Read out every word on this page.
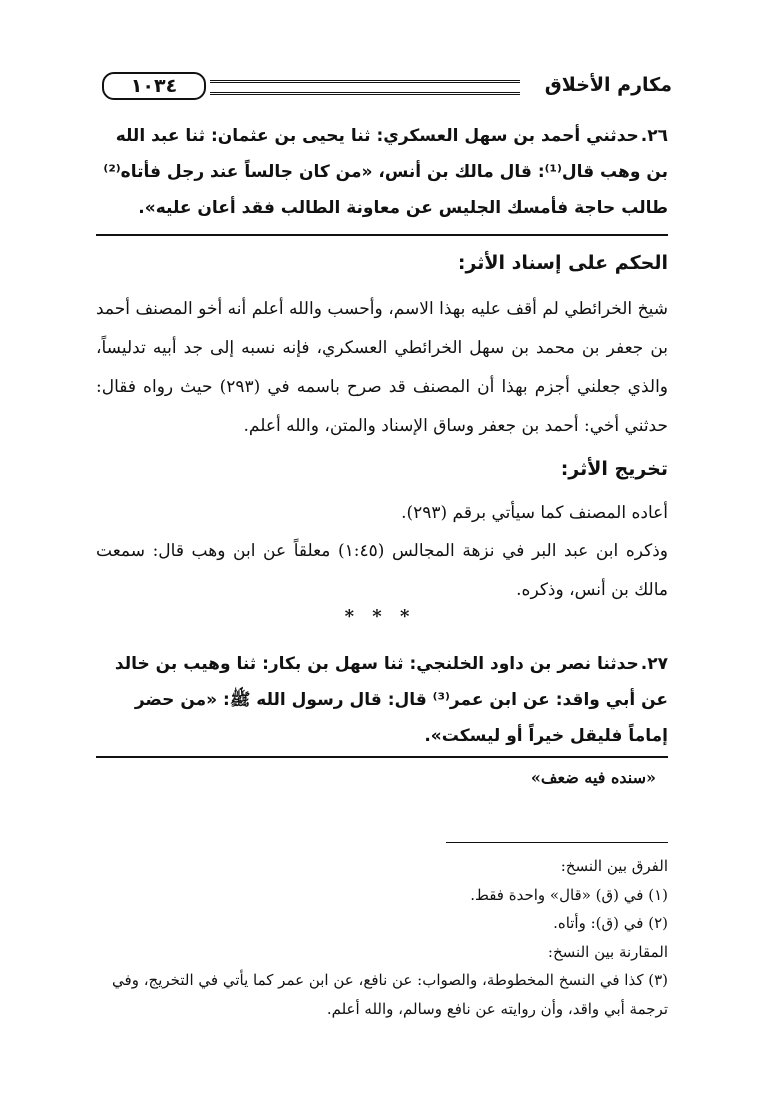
مكارم الأخلاق
١٠٣٤
٢٦.حدثني أحمد بن سهل العسكري: ثنا يحيى بن عثمان: ثنا عبد الله بن وهب قال⁽¹⁾: قال مالك بن أنس، «من كان جالساً عند رجل فأتاه⁽²⁾ طالب حاجة فأمسك الجليس عن معاونة الطالب فقد أعان عليه».
الحكم على إسناد الأثر:
شيخ الخرائطي لم أقف عليه بهذا الاسم، وأحسب والله أعلم أنه أخو المصنف أحمد بن جعفر بن محمد بن سهل الخرائطي العسكري، فإنه نسبه إلى جد أبيه تدليساً، والذي جعلني أجزم بهذا أن المصنف قد صرح باسمه في (٢٩٣) حيث رواه فقال: حدثني أخي: أحمد بن جعفر وساق الإسناد والمتن، والله أعلم.
تخريج الأثر:
أعاده المصنف كما سيأتي برقم (٢٩٣).
وذكره ابن عبد البر في نزهة المجالس (١:٤٥) معلقاً عن ابن وهب قال: سمعت مالك بن أنس، وذكره.
* * *
٢٧.حدثنا نصر بن داود الخلنجي: ثنا سهل بن بكار: ثنا وهيب بن خالد عن أبي واقد: عن ابن عمر⁽³⁾ قال: قال رسول الله ﷺ: «من حضر إماماً فليقل خيراً أو ليسكت».
«سنده فيه ضعف»
الفرق بين النسخ:
(١) في (ق) «قال» واحدة فقط.
(٢) في (ق): وأتاه.
المقارنة بين النسخ:
(٣) كذا في النسخ المخطوطة، والصواب: عن نافع، عن ابن عمر كما يأتي في التخريج، وفي ترجمة أبي واقد، وأن روايته عن نافع وسالم، والله أعلم.
